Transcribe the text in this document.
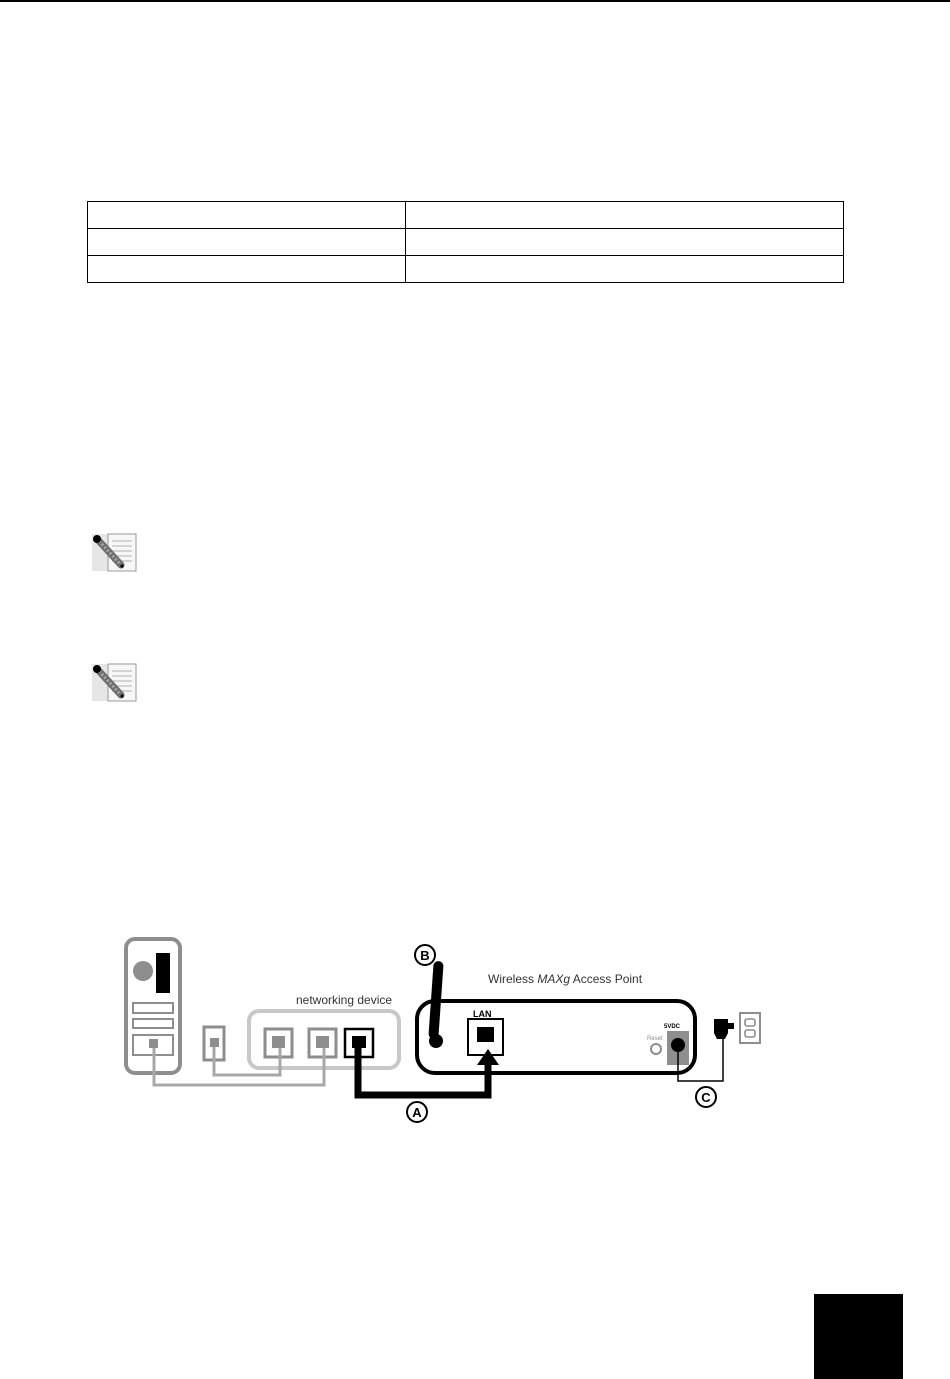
networking device
Wireless MAXg Access Point
LAN
5VDC
Reset
B
A
C
